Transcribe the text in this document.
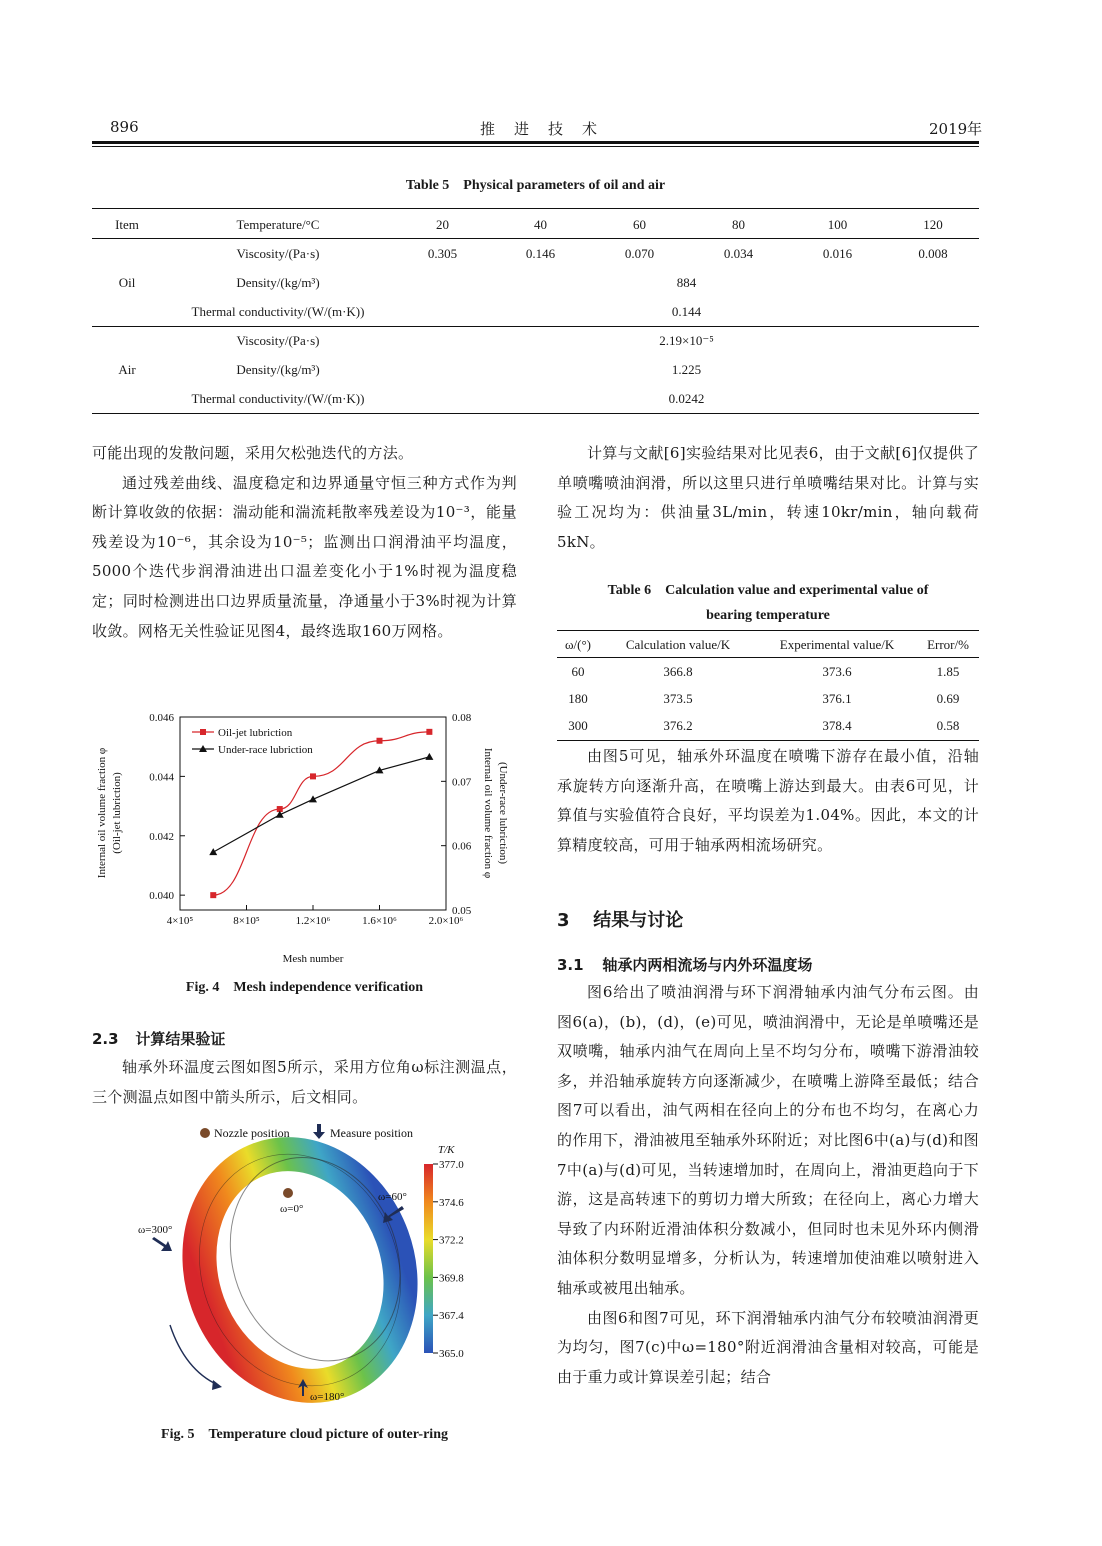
896	推　进　技　术	2019年
Table 5　Physical parameters of oil and air
Item	Temperature/°C	20	40	60	80	100	120
Oil	Viscosity/(Pa·s)	0.305	0.146	0.070	0.034	0.016	0.008
	Density/(kg/m³)	884					
	Thermal conductivity/(W/(m·K))	0.144					
Air	Viscosity/(Pa·s)	2.19×10⁻⁵					
	Density/(kg/m³)	1.225					
	Thermal conductivity/(W/(m·K))	0.0242					

可能出现的发散问题，采用欠松弛迭代的方法。

通过残差曲线、温度稳定和边界通量守恒三种方式作为判断计算收敛的依据：湍动能和湍流耗散率残差设为10⁻³，能量残差设为10⁻⁶，其余设为10⁻⁵；监测出口润滑油平均温度，5000个迭代步润滑油进出口温差变化小于1%时视为温度稳定；同时检测进出口边界质量流量，净通量小于3%时视为计算收敛。网格无关性验证见图4，最终选取160万网格。

Oil-jet lubriction
Under-race lubriction
Internal oil volume fraction φ (Oil-jet lubriction)	Internal oil volume fraction φ (Under-race lubriction)
Mesh number
4×10⁵	8×10⁵	1.2×10⁶	1.6×10⁶	2.0×10⁶
0.040
0.042
0.044
0.046
0.05
0.06
0.07
0.08
Fig. 4　Mesh independence verification
2.3 计算结果验证

轴承外环温度云图如图5所示，采用方位角ω标注测温点，三个测温点如图中箭头所示，后文相同。

Nozzle position	Measure position
ω=0°
ω=60°
ω=300°
ω=180°
T/K
377.0
374.6
372.2
369.8
367.4
365.0
Fig. 5　Temperature cloud picture of outer-ring

计算与文献[6]实验结果对比见表6，由于文献[6]仅提供了单喷嘴喷油润滑，所以这里只进行单喷嘴结果对比。计算与实验工况均为：供油量3L/min，转速10kr/min，轴向载荷5kN。

Table 6　Calculation value and experimental value of
bearing temperature
ω/(°)	Calculation value/K	Experimental value/K	Error/%
60	366.8	373.6	1.85
180	373.5	376.1	0.69
300	376.2	378.4	0.58

由图5可见，轴承外环温度在喷嘴下游存在最小值，沿轴承旋转方向逐渐升高，在喷嘴上游达到最大。由表6可见，计算值与实验值符合良好，平均误差为1.04%。因此，本文的计算精度较高，可用于轴承两相流场研究。

3 结果与讨论
3.1 轴承内两相流场与内外环温度场

图6给出了喷油润滑与环下润滑轴承内油气分布云图。由图6(a)，(b)，(d)，(e)可见，喷油润滑中，无论是单喷嘴还是双喷嘴，轴承内油气在周向上呈不均匀分布，喷嘴下游滑油较多，并沿轴承旋转方向逐渐减少，在喷嘴上游降至最低；结合图7可以看出，油气两相在径向上的分布也不均匀，在离心力的作用下，滑油被甩至轴承外环附近；对比图6中(a)与(d)和图7中(a)与(d)可见，当转速增加时，在周向上，滑油更趋向于下游，这是高转速下的剪切力增大所致；在径向上，离心力增大导致了内环附近滑油体积分数减小，但同时也未见外环内侧滑油体积分数明显增多，分析认为，转速增加使油难以喷射进入轴承或被甩出轴承。

由图6和图7可见，环下润滑轴承内油气分布较喷油润滑更为均匀，图7(c)中ω=180°附近润滑油含量相对较高，可能是由于重力或计算误差引起；结合
